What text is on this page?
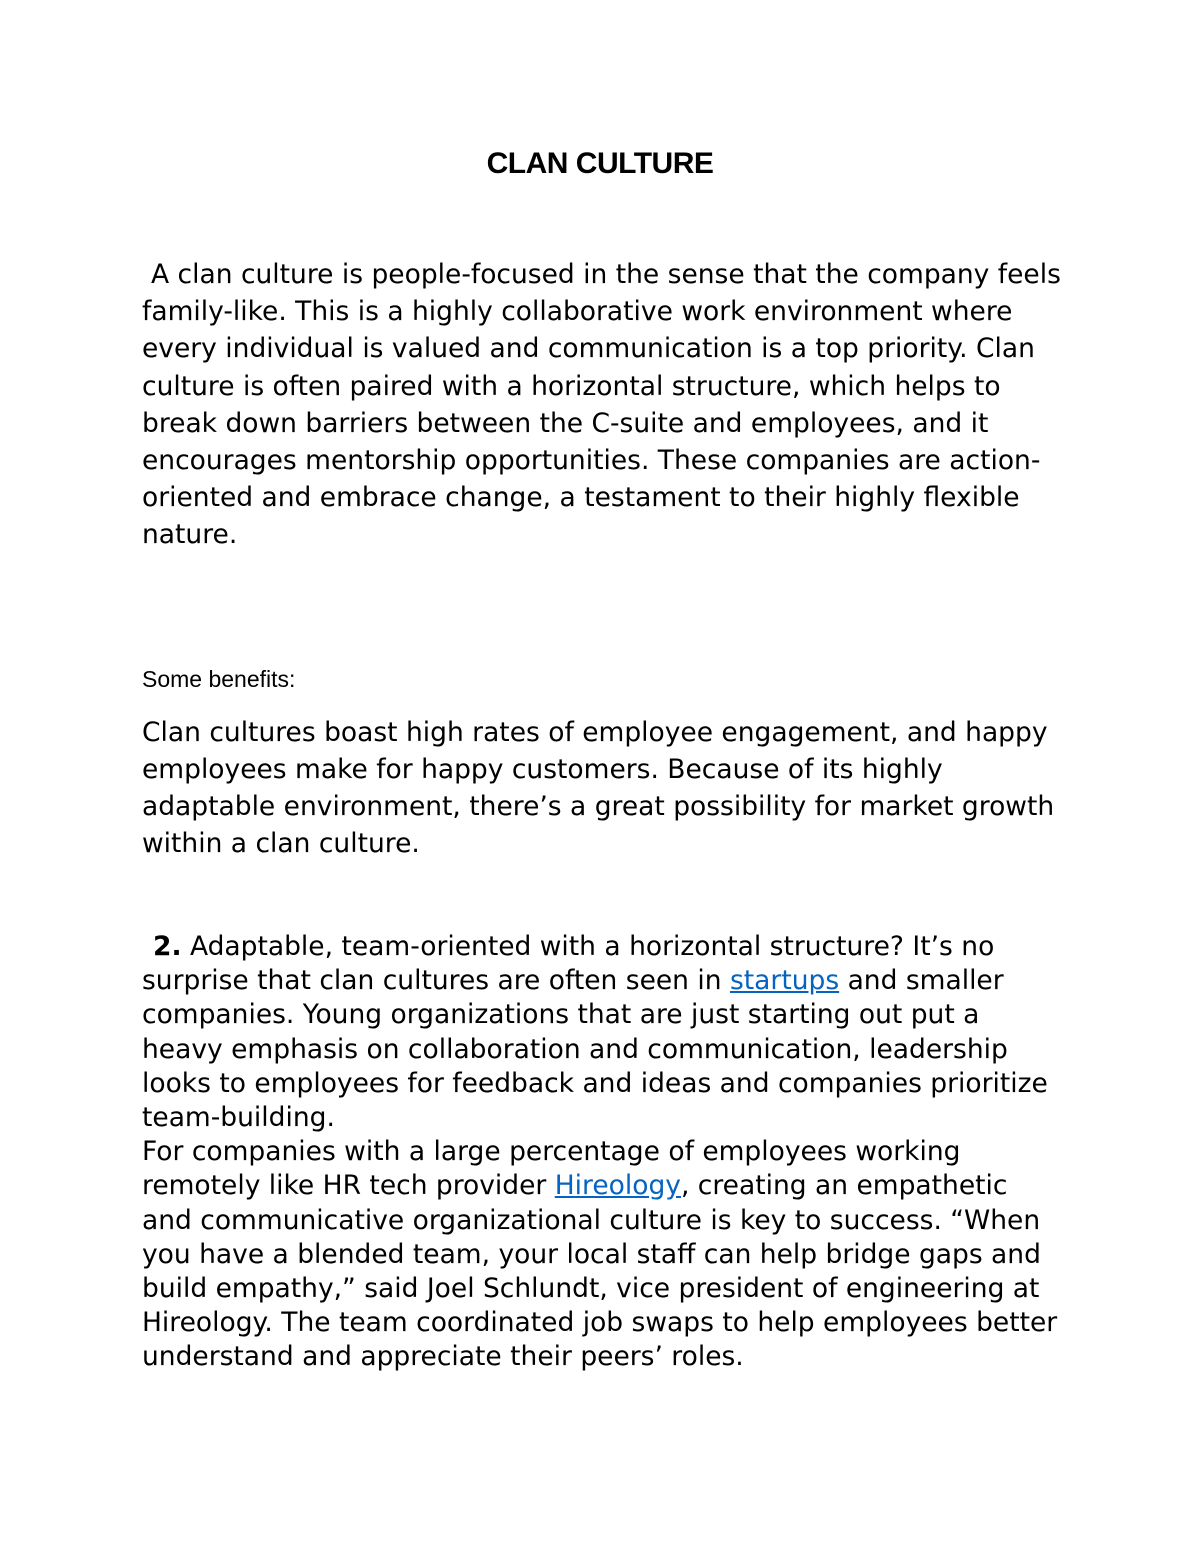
CLAN CULTURE

A clan culture is people-focused in the sense that the company feels family-like. This is a highly collaborative work environment where every individual is valued and communication is a top priority. Clan culture is often paired with a horizontal structure, which helps to break down barriers between the C-suite and employees, and it encourages mentorship opportunities. These companies are action-oriented and embrace change, a testament to their highly flexible nature.

Some benefits:

Clan cultures boast high rates of employee engagement, and happy employees make for happy customers. Because of its highly adaptable environment, there’s a great possibility for market growth within a clan culture.

2. Adaptable, team-oriented with a horizontal structure? It’s no surprise that clan cultures are often seen in startups and smaller companies. Young organizations that are just starting out put a heavy emphasis on collaboration and communication, leadership looks to employees for feedback and ideas and companies prioritize team-building.
For companies with a large percentage of employees working remotely like HR tech provider Hireology, creating an empathetic and communicative organizational culture is key to success. “When you have a blended team, your local staff can help bridge gaps and build empathy,” said Joel Schlundt, vice president of engineering at Hireology. The team coordinated job swaps to help employees better understand and appreciate their peers’ roles.
